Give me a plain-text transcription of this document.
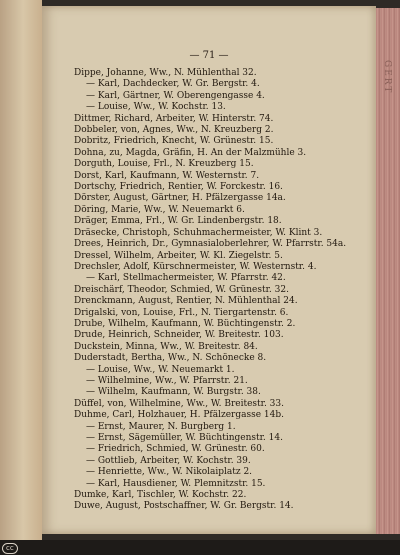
GERT
— 71 —
Dippe, Johanne, Ww., N. Mühlenthal 32.
— Karl, Dachdecker, W. Gr. Bergstr. 4.
— Karl, Gärtner, W. Oberengengasse 4.
— Louise, Ww., W. Kochstr. 13.
Dittmer, Richard, Arbeiter, W. Hinterstr. 74.
Dobbeler, von, Agnes, Ww., N. Kreuzberg 2.
Dobritz, Friedrich, Knecht, W. Grünestr. 15.
Dohna, zu, Magda, Gräfin, H. An der Malzmühle 3.
Dorguth, Louise, Frl., N. Kreuzberg 15.
Dorst, Karl, Kaufmann, W. Westernstr. 7.
Dortschy, Friedrich, Rentier, W. Forckestr. 16.
Dörster, August, Gärtner, H. Pfälzergasse 14a.
Döring, Marie, Ww., W. Neuemarkt 6.
Dräger, Emma, Frl., W. Gr. Lindenbergstr. 18.
Dräsecke, Christoph, Schuhmachermeister, W. Klint 3.
Drees, Heinrich, Dr., Gymnasialoberlehrer, W. Pfarrstr. 54a.
Dressel, Wilhelm, Arbeiter, W. Kl. Ziegelstr. 5.
Drechsler, Adolf, Kürschnermeister, W. Westernstr. 4.
— Karl, Stellmachermeister, W. Pfarrstr. 42.
Dreischärf, Theodor, Schmied, W. Grünestr. 32.
Drenckmann, August, Rentier, N. Mühlenthal 24.
Drigalski, von, Louise, Frl., N. Tiergartenstr. 6.
Drube, Wilhelm, Kaufmann, W. Büchtingenstr. 2.
Drude, Heinrich, Schneider, W. Breitestr. 103.
Duckstein, Minna, Ww., W. Breitestr. 84.
Duderstadt, Bertha, Ww., N. Schönecke 8.
— Louise, Ww., W. Neuemarkt 1.
— Wilhelmine, Ww., W. Pfarrstr. 21.
— Wilhelm, Kaufmann, W. Burgstr. 38.
Düffel, von, Wilhelmine, Ww., W. Breitestr. 33.
Duhme, Carl, Holzhauer, H. Pfälzergasse 14b.
— Ernst, Maurer, N. Burgberg 1.
— Ernst, Sägemüller, W. Büchtingenstr. 14.
— Friedrich, Schmied, W. Grünestr. 60.
— Gottlieb, Arbeiter, W. Kochstr. 39.
— Henriette, Ww., W. Nikolaiplatz 2.
— Karl, Hausdiener, W. Plemnitzstr. 15.
Dumke, Karl, Tischler, W. Kochstr. 22.
Duwe, August, Postschaffner, W. Gr. Bergstr. 14.
cc
